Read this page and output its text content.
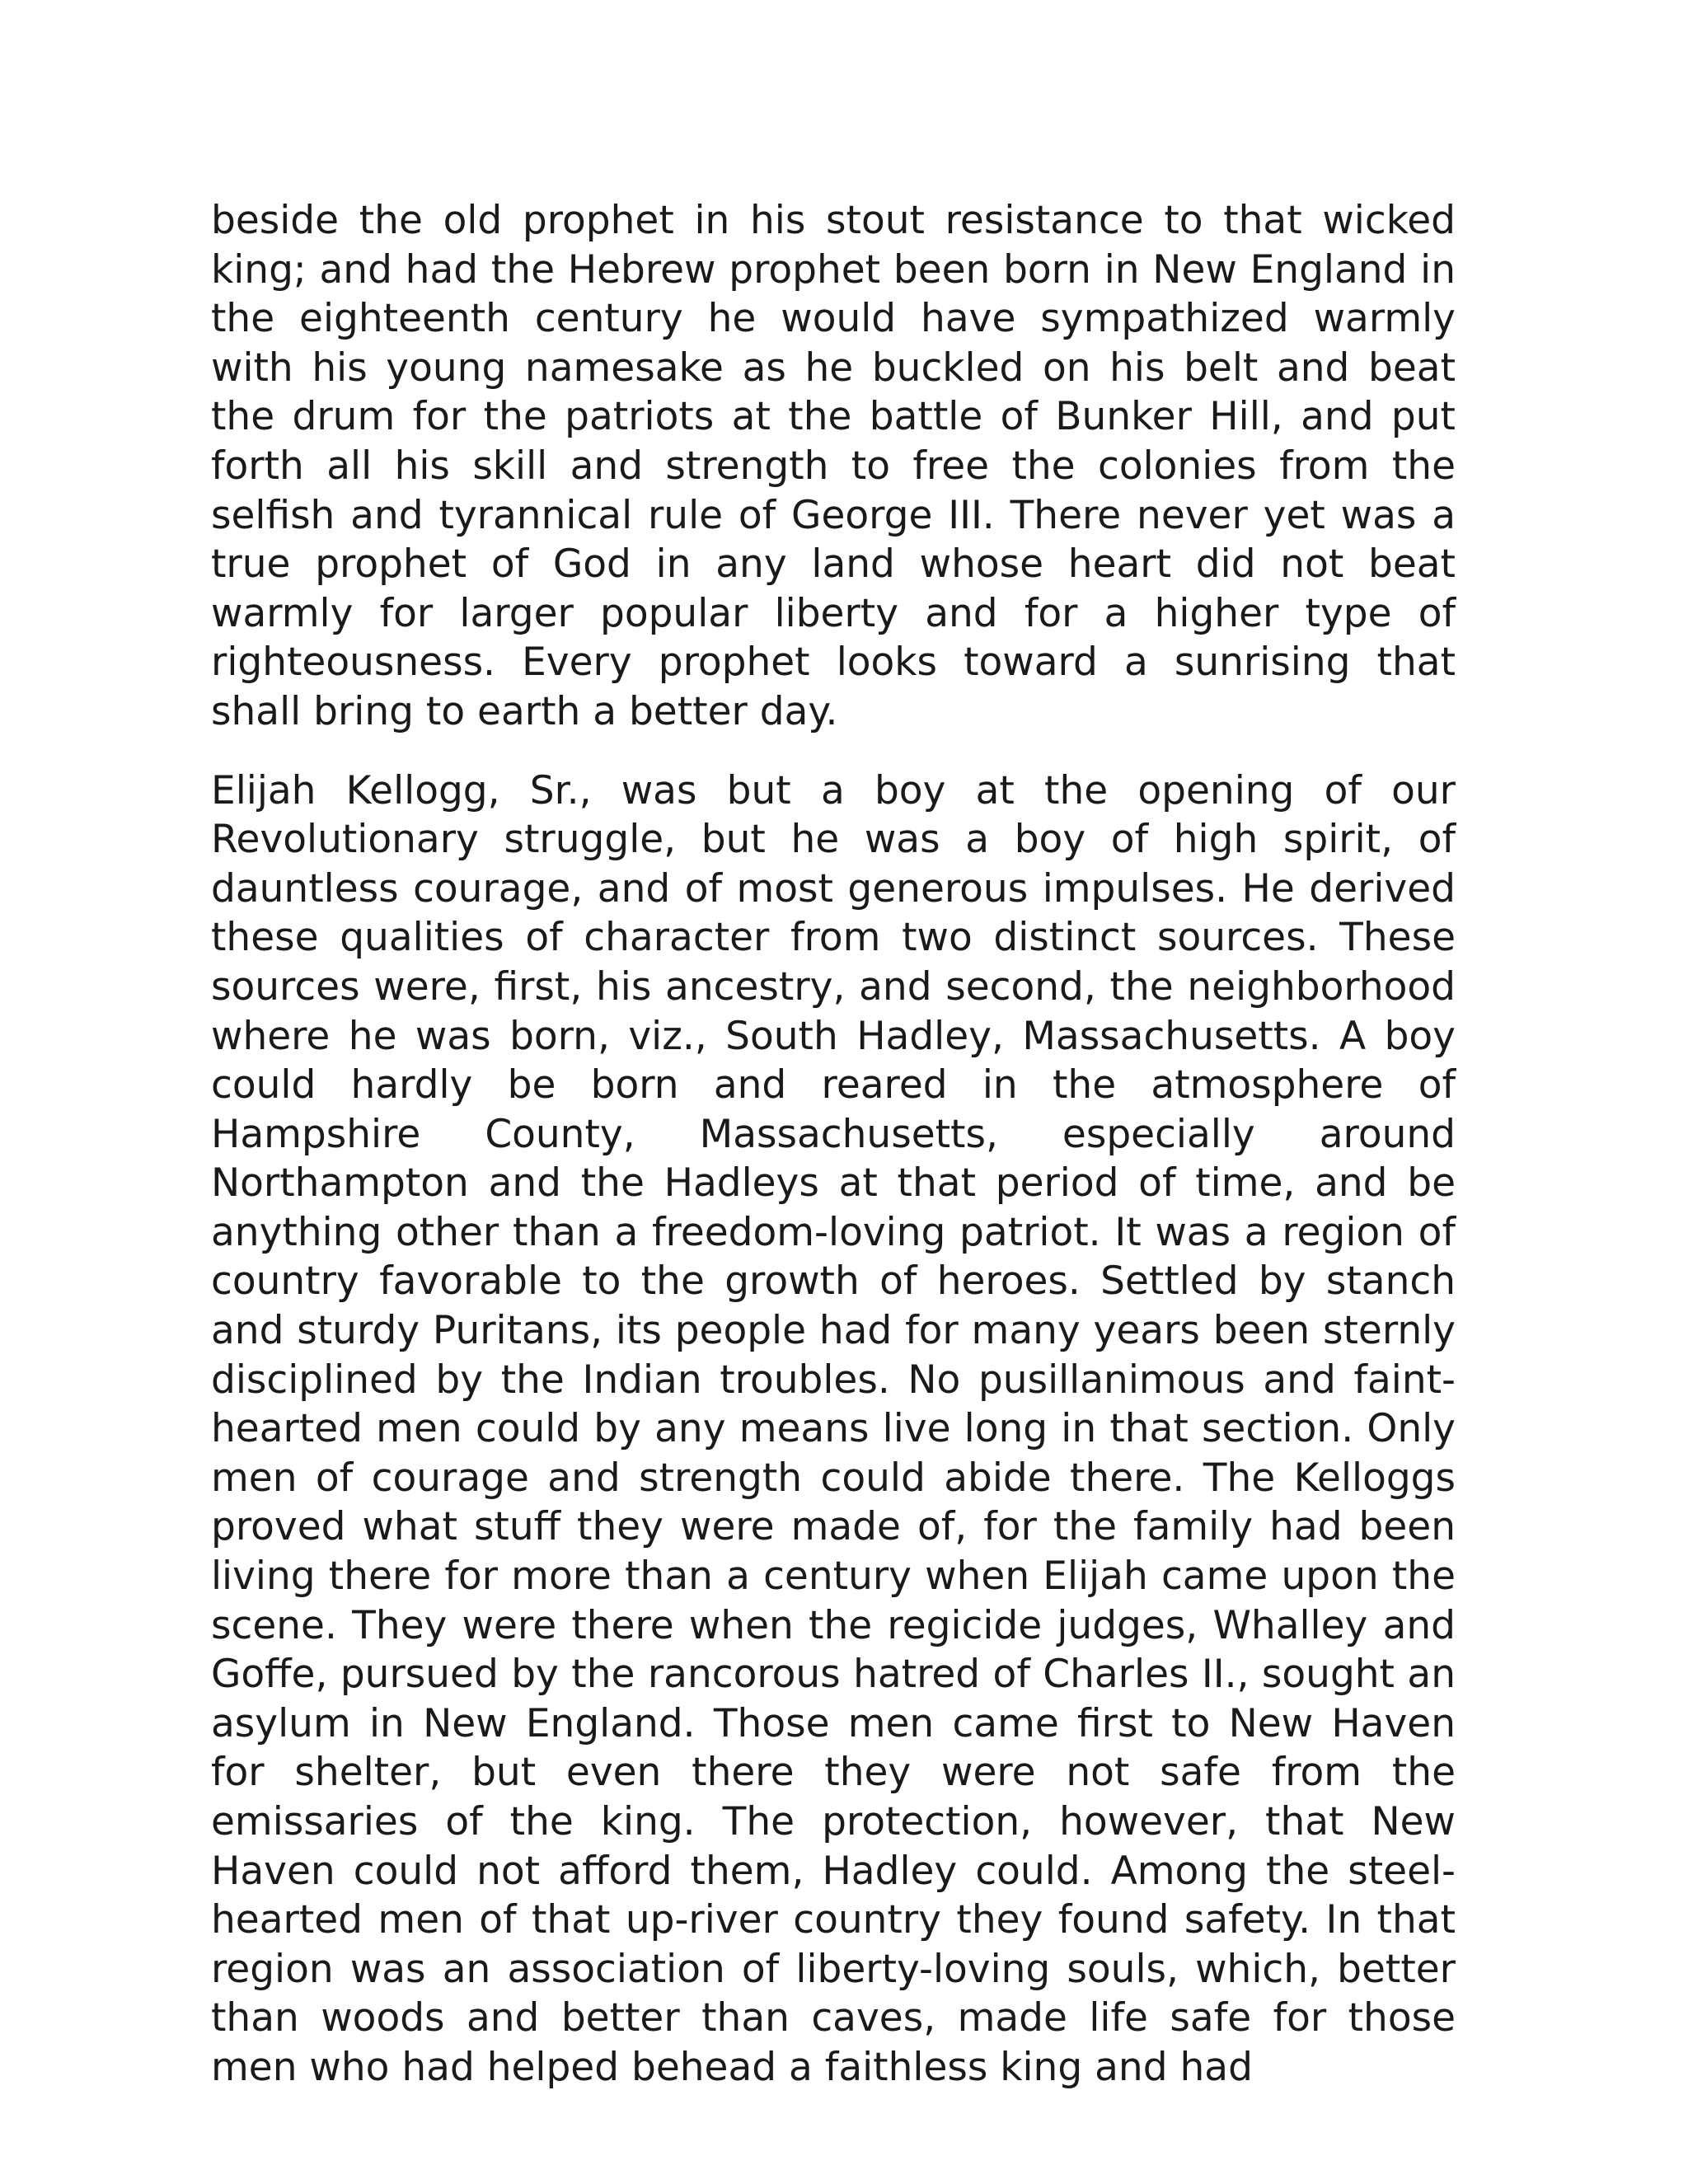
beside the old prophet in his stout resistance to that wicked king; and had the Hebrew prophet been born in New England in the eighteenth century he would have sympathized warmly with his young namesake as he buckled on his belt and beat the drum for the patriots at the battle of Bunker Hill, and put forth all his skill and strength to free the colonies from the selfish and tyrannical rule of George III. There never yet was a true prophet of God in any land whose heart did not beat warmly for larger popular liberty and for a higher type of righteousness. Every prophet looks toward a sunrising that shall bring to earth a better day.

Elijah Kellogg, Sr., was but a boy at the opening of our Revolutionary struggle, but he was a boy of high spirit, of dauntless courage, and of most generous impulses. He derived these qualities of character from two distinct sources. These sources were, first, his ancestry, and second, the neighborhood where he was born, viz., South Hadley, Massachusetts. A boy could hardly be born and reared in the atmosphere of Hampshire County, Massachusetts, especially around Northampton and the Hadleys at that period of time, and be anything other than a freedom-loving patriot. It was a region of country favorable to the growth of heroes. Settled by stanch and sturdy Puritans, its people had for many years been sternly disciplined by the Indian troubles. No pusillanimous and faint-hearted men could by any means live long in that section. Only men of courage and strength could abide there. The Kelloggs proved what stuff they were made of, for the family had been living there for more than a century when Elijah came upon the scene. They were there when the regicide judges, Whalley and Goffe, pursued by the rancorous hatred of Charles II., sought an asylum in New England. Those men came first to New Haven for shelter, but even there they were not safe from the emissaries of the king. The protection, however, that New Haven could not afford them, Hadley could. Among the steel-hearted men of that up-river country they found safety. In that region was an association of liberty-loving souls, which, better than woods and better than caves, made life safe for those men who had helped behead a faithless king and had
